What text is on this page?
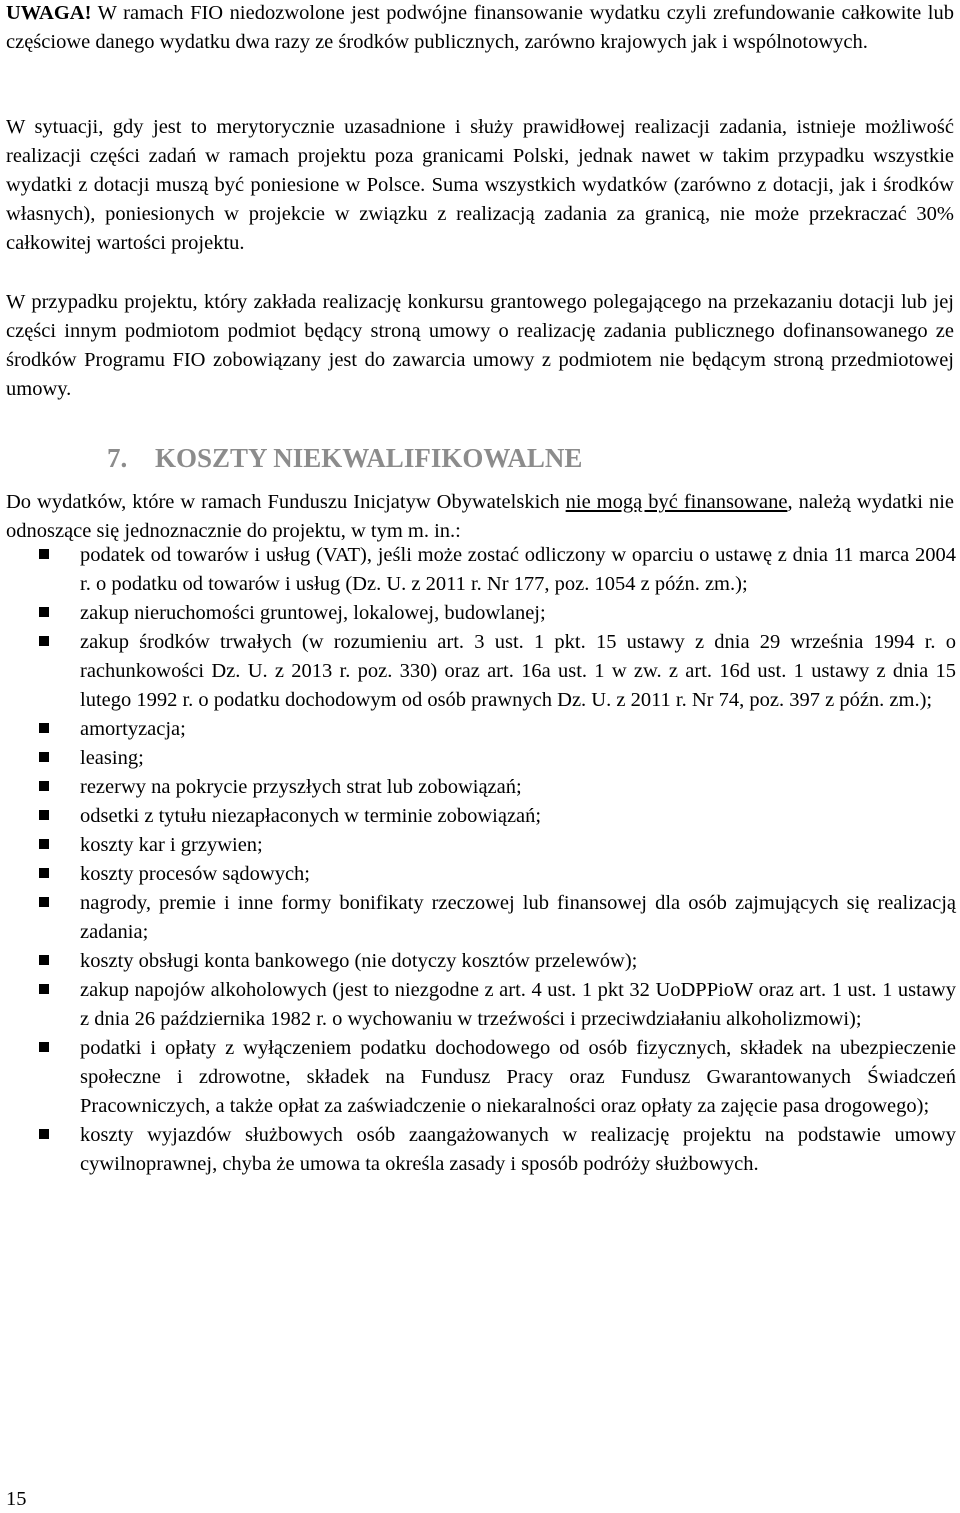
UWAGA! W ramach FIO niedozwolone jest podwójne finansowanie wydatku czyli zrefundowanie całkowite lub częściowe danego wydatku dwa razy ze środków publicznych, zarówno krajowych jak i wspólnotowych.

W sytuacji, gdy jest to merytorycznie uzasadnione i służy prawidłowej realizacji zadania, istnieje możliwość realizacji części zadań w ramach projektu poza granicami Polski, jednak nawet w takim przypadku wszystkie wydatki z dotacji muszą być poniesione w Polsce. Suma wszystkich wydatków (zarówno z dotacji, jak i środków własnych), poniesionych w projekcie w związku z realizacją zadania za granicą, nie może przekraczać 30% całkowitej wartości projektu.

W przypadku projektu, który zakłada realizację konkursu grantowego polegającego na przekazaniu dotacji lub jej części innym podmiotom podmiot będący stroną umowy o realizację zadania publicznego dofinansowanego ze środków Programu FIO zobowiązany jest do zawarcia umowy z podmiotem nie będącym stroną przedmiotowej umowy.

7. KOSZTY NIEKWALIFIKOWALNE

Do wydatków, które w ramach Funduszu Inicjatyw Obywatelskich nie mogą być finansowane, należą wydatki nie odnoszące się jednoznacznie do projektu, w tym m. in.:

podatek od towarów i usług (VAT), jeśli może zostać odliczony w oparciu o ustawę z dnia 11 marca 2004 r. o podatku od towarów i usług (Dz. U. z 2011 r. Nr 177, poz. 1054 z późn. zm.);
zakup nieruchomości gruntowej, lokalowej, budowlanej;
zakup środków trwałych (w rozumieniu art. 3 ust. 1 pkt. 15 ustawy z dnia 29 września 1994 r. o rachunkowości Dz. U. z 2013 r. poz. 330) oraz art. 16a ust. 1 w zw. z art. 16d ust. 1 ustawy z dnia 15 lutego 1992 r. o podatku dochodowym od osób prawnych Dz. U. z 2011 r. Nr 74, poz. 397 z późn. zm.);
amortyzacja;
leasing;
rezerwy na pokrycie przyszłych strat lub zobowiązań;
odsetki z tytułu niezapłaconych w terminie zobowiązań;
koszty kar i grzywien;
koszty procesów sądowych;
nagrody, premie i inne formy bonifikaty rzeczowej lub finansowej dla osób zajmujących się realizacją zadania;
koszty obsługi konta bankowego (nie dotyczy kosztów przelewów);
zakup napojów alkoholowych (jest to niezgodne z art. 4 ust. 1 pkt 32 UoDPPioW oraz art. 1 ust. 1 ustawy z dnia 26 października 1982 r. o wychowaniu w trzeźwości i przeciwdziałaniu alkoholizmowi);
podatki i opłaty z wyłączeniem podatku dochodowego od osób fizycznych, składek na ubezpieczenie społeczne i zdrowotne, składek na Fundusz Pracy oraz Fundusz Gwarantowanych Świadczeń Pracowniczych, a także opłat za zaświadczenie o niekaralności oraz opłaty za zajęcie pasa drogowego);
koszty wyjazdów służbowych osób zaangażowanych w realizację projektu na podstawie umowy cywilnoprawnej, chyba że umowa ta określa zasady i sposób podróży służbowych.

15
